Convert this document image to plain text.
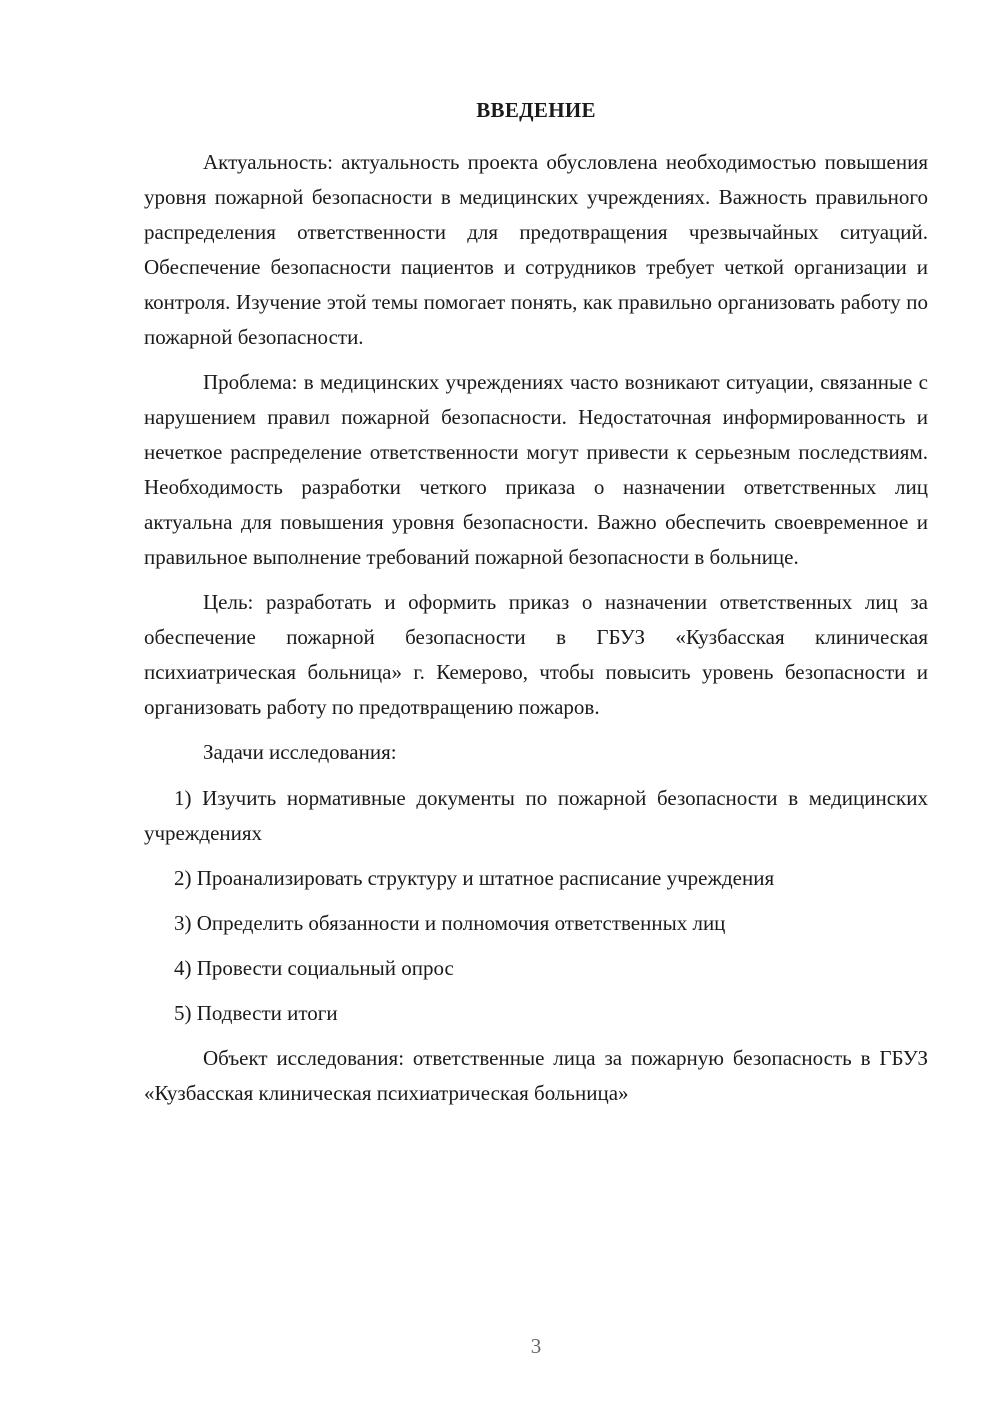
ВВЕДЕНИЕ

Актуальность: актуальность проекта обусловлена необходимостью повышения уровня пожарной безопасности в медицинских учреждениях. Важность правильного распределения ответственности для предотвращения чрезвычайных ситуаций. Обеспечение безопасности пациентов и сотрудников требует четкой организации и контроля. Изучение этой темы помогает понять, как правильно организовать работу по пожарной безопасности.

Проблема: в медицинских учреждениях часто возникают ситуации, связанные с нарушением правил пожарной безопасности. Недостаточная информированность и нечеткое распределение ответственности могут привести к серьезным последствиям. Необходимость разработки четкого приказа о назначении ответственных лиц актуальна для повышения уровня безопасности. Важно обеспечить своевременное и правильное выполнение требований пожарной безопасности в больнице.

Цель: разработать и оформить приказ о назначении ответственных лиц за обеспечение пожарной безопасности в ГБУЗ «Кузбасская клиническая психиатрическая больница» г. Кемерово, чтобы повысить уровень безопасности и организовать работу по предотвращению пожаров.

Задачи исследования:

1) Изучить нормативные документы по пожарной безопасности в медицинских учреждениях

2) Проанализировать структуру и штатное расписание учреждения

3) Определить обязанности и полномочия ответственных лиц

4) Провести социальный опрос

5) Подвести итоги

Объект исследования: ответственные лица за пожарную безопасность в ГБУЗ «Кузбасская клиническая психиатрическая больница»

3
